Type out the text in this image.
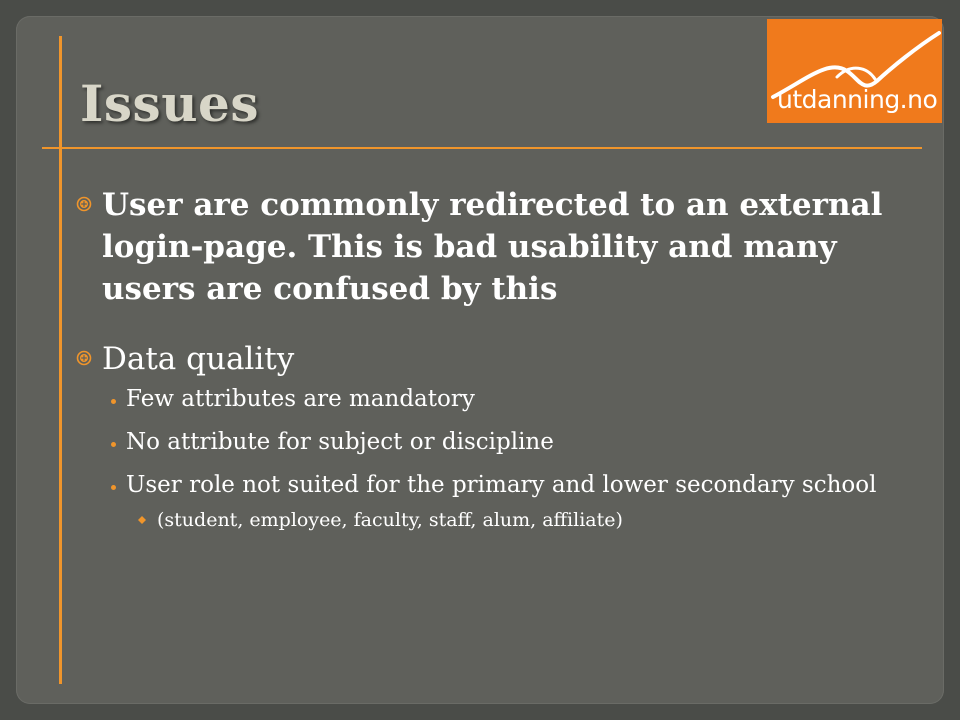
Issues	utdanning.no
User are commonly redirected to an external login-page. This is bad usability and many users are confused by this
Data quality
Few attributes are mandatory
No attribute for subject or discipline
User role not suited for the primary and lower secondary school
(student, employee, faculty, staff, alum, affiliate)
